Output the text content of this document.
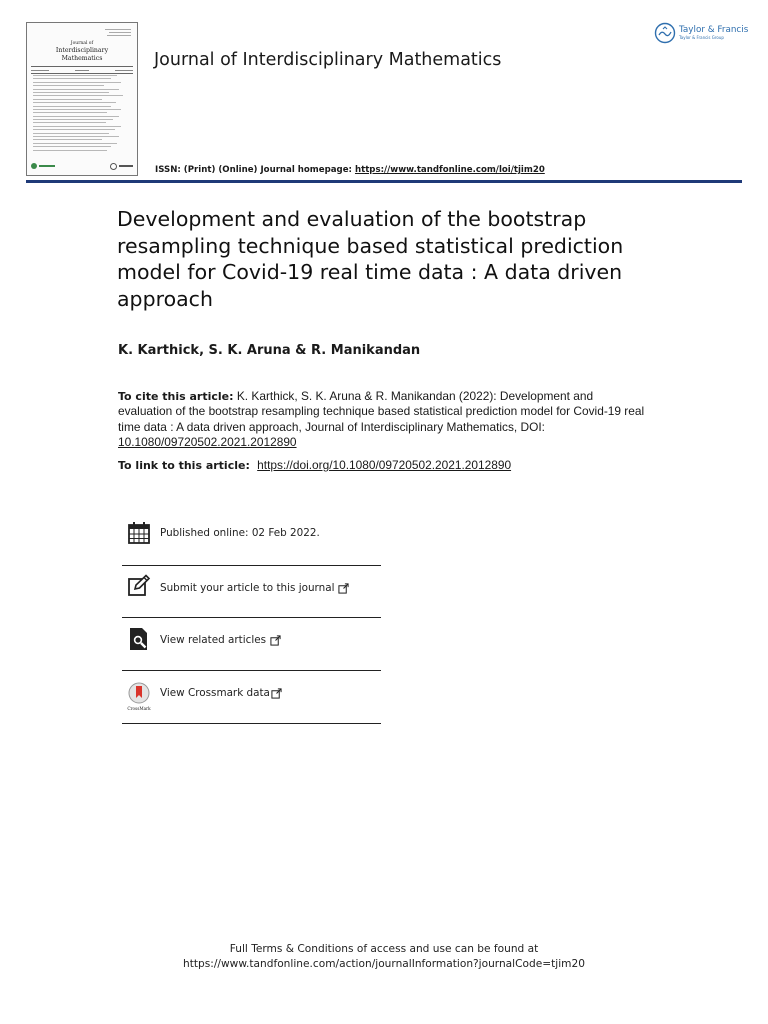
Journal of
Interdisciplinary
Mathematics	Journal of Interdisciplinary Mathematics
ISSN: (Print) (Online) Journal homepage: https://www.tandfonline.com/loi/tjim20
Taylor & Francis
Taylor & Francis Group
Development and evaluation of the bootstrap resampling technique based statistical prediction model for Covid-19 real time data : A data driven approach
K. Karthick, S. K. Aruna & R. Manikandan
To cite this article: K. Karthick, S. K. Aruna & R. Manikandan (2022): Development and evaluation of the bootstrap resampling technique based statistical prediction model for Covid-19 real time data : A data driven approach, Journal of Interdisciplinary Mathematics, DOI: 10.1080/09720502.2021.2012890
To link to this article: https://doi.org/10.1080/09720502.2021.2012890
Published online: 02 Feb 2022.
Submit your article to this journal
View related articles
CrossMark
View Crossmark data
Full Terms & Conditions of access and use can be found at
https://www.tandfonline.com/action/journalInformation?journalCode=tjim20
